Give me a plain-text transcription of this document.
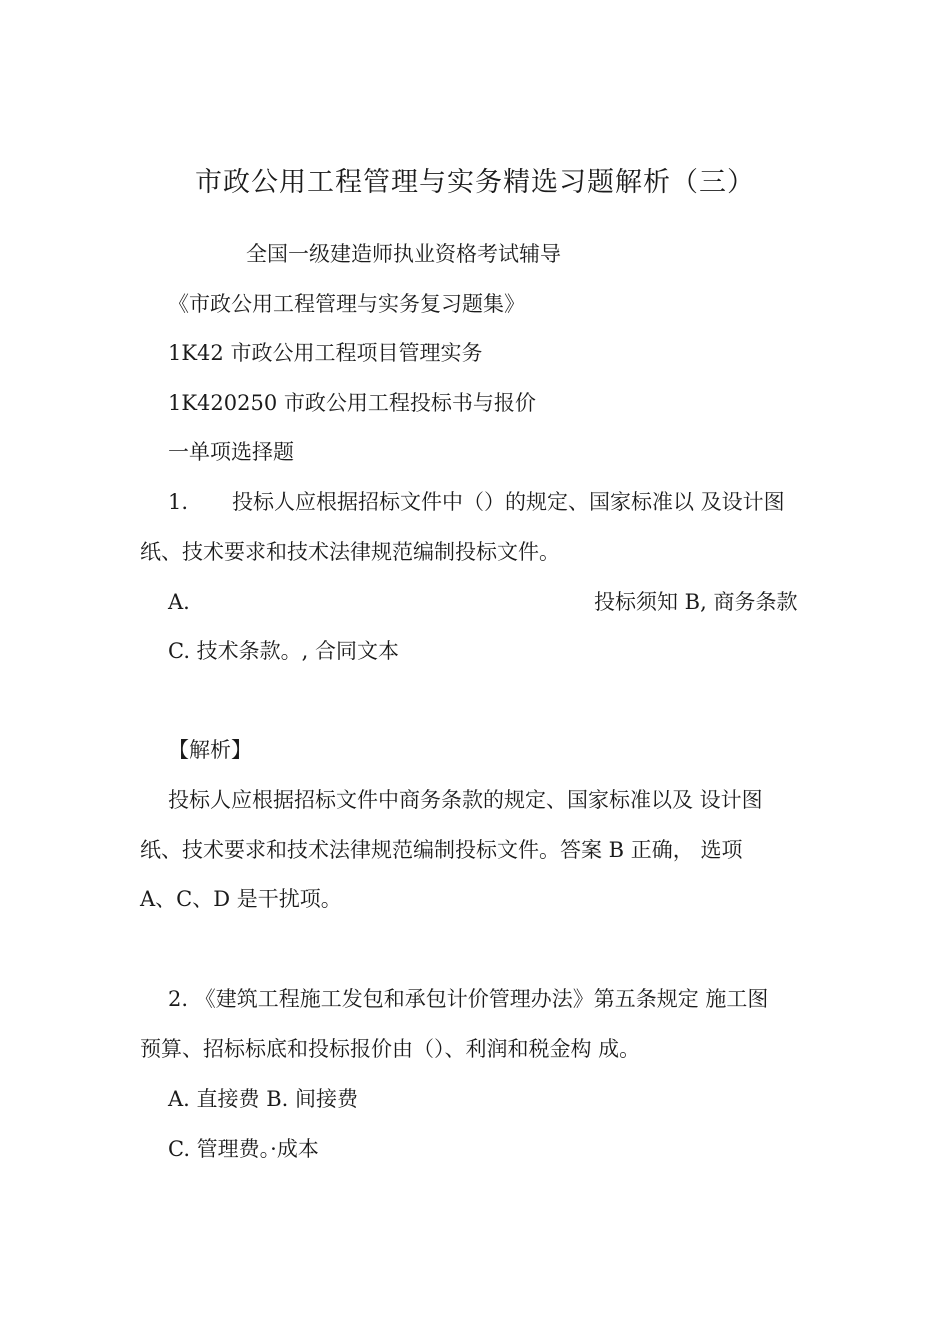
市政公用工程管理与实务精选习题解析（三）
全国一级建造师执业资格考试辅导
《市政公用工程管理与实务复习题集》
1K42 市政公用工程项目管理实务
1K420250 市政公用工程投标书与报价
一单项选择题
1. 投标人应根据招标文件中（）的规定、国家标准以 及设计图
纸、技术要求和技术法律规范编制投标文件。
A.	投标须知 B, 商务条款
C. 技术条款。, 合同文本
【解析】
投标人应根据招标文件中商务条款的规定、国家标准以及 设计图
纸、技术要求和技术法律规范编制投标文件。答案 B 正确， 选项
A、C、D 是干扰项。
2. 《建筑工程施工发包和承包计价管理办法》第五条规定 施工图
预算、招标标底和投标报价由（）、利润和税金构 成。
A. 直接费 B. 间接费
C. 管理费。·成本
